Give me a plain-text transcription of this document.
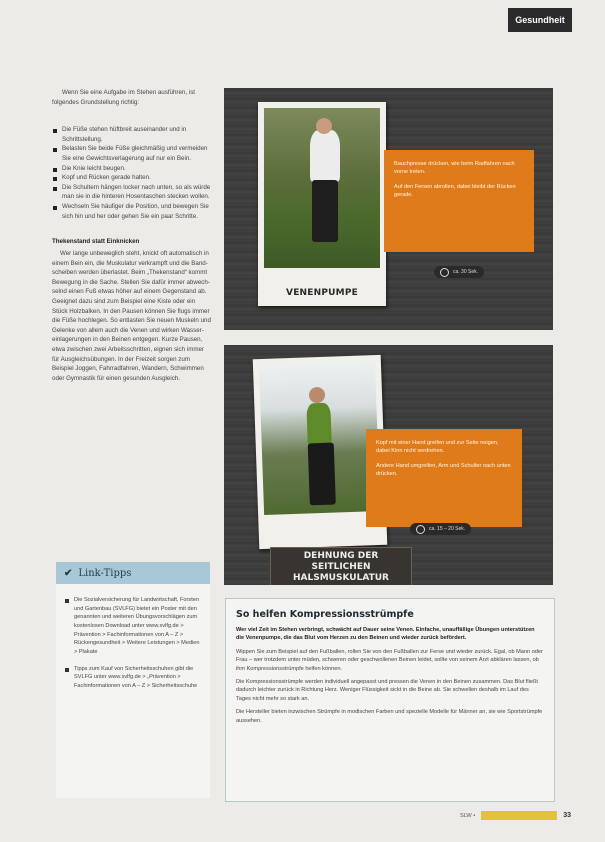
Gesundheit

Wenn Sie eine Aufgabe im Stehen ausführen, ist folgendes Grundstellung richtig:

Die Füße stehen hüftbreit auseinander und in Schrittstellung.
Belasten Sie beide Füße gleichmäßig und vermeiden Sie eine Gewichtsverlagerung auf nur ein Bein.
Die Knie leicht beugen.
Kopf und Rücken gerade halten.
Die Schultern hängen locker nach unten, so als würde man sie in die hinteren Hosentaschen stecken wollen.
Wechseln Sie häufiger die Position, und bewegen Sie sich hin und her oder gehen Sie ein paar Schritte.

Thekenstand statt Einknicken

Wer lange unbeweglich steht, knickt oft automatisch in einem Bein ein, die Muskulatur verkrampft und die Bandscheiben werden überlastet. Beim „Thekenstand“ kommt Bewegung in die Sache. Stellen Sie dafür immer abwechselnd einen Fuß etwas höher auf einem Gegenstand ab. Geeignet dazu sind zum Beispiel eine Kiste oder ein Stück Holzbalken. In den Pausen können Sie flugs immer die Füße hochlegen. So entlasten Sie neuen Muskeln und Gelenke von allem auch die Venen und wirken Wassereinlagerungen in den Beinen entgegen. Kurze Pausen, etwa zwischen zwei Arbeitsschritten, eignen sich immer für Ausgleichsübungen. In der Freizeit sorgen zum Beispiel Joggen, Fahrradfahren, Wandern, Schwimmen oder Gymnastik für einen gesunden Ausgleich.

VENENPUMPE

Bauchpresse drücken, wie beim Radfahren nach vorne treten.

Auf den Fersen abrollen, dabei bleibt der Rücken gerade.

ca. 30 Sek.

Kopf mit einer Hand greifen und zur Seite neigen, dabei Kinn nicht verdrehen.

Andere Hand umgreifen, Arm und Schulter nach unten drücken.

ca. 15 – 20 Sek.
DEHNUNG DER SEITLICHEN
HALSMUSKULATUR
✔ Link-Tipps
Die Sozialversicherung für Landwirtschaft, Forsten und Gartenbau (SVLFG) bietet ein Poster mit den genannten und weiteren Übungsvorschlägen zum kostenlosen Download unter www.svlfg.de > Prävention > Fachinformationen von A – Z > Rückengesundheit > Weitere Leistungen > Medien > Plakate
Tipps zum Kauf von Sicherheitsschuhen gibt die SVLFG unter www.svlfg.de > „Prävention > Fachinformationen von A – Z > Sicherheitsschuhe
So helfen Kompressionsstrümpfe

Wer viel Zeit im Stehen verbringt, schwächt auf Dauer seine Venen. Einfache, unauffällige Übungen unterstützen die Venenpumpe, die das Blut vom Herzen zu den Beinen und wieder zurück befördert.

Wippen Sie zum Beispiel auf den Fußballen, rollen Sie von den Fußballen zur Ferse und wieder zurück. Egal, ob Mann oder Frau – wer trotzdem unter müden, schweren oder geschwollenen Beinen leidet, sollte von seinem Arzt abklären lassen, ob ihm Kompressionsstrümpfe helfen können.

Die Kompressionsstrümpfe werden individuell angepasst und pressen die Venen in den Beinen zusammen. Das Blut fließt dadurch leichter zurück in Richtung Herz. Weniger Flüssigkeit sickt in die Beine ab. Sie schwellen deshalb im Lauf des Tages nicht mehr so stark an.

Die Hersteller bieten inzwischen Strümpfe in modischen Farben und spezielle Modelle für Männer an, sie wie Sportstrümpfe aussehen.

SLW •	33
